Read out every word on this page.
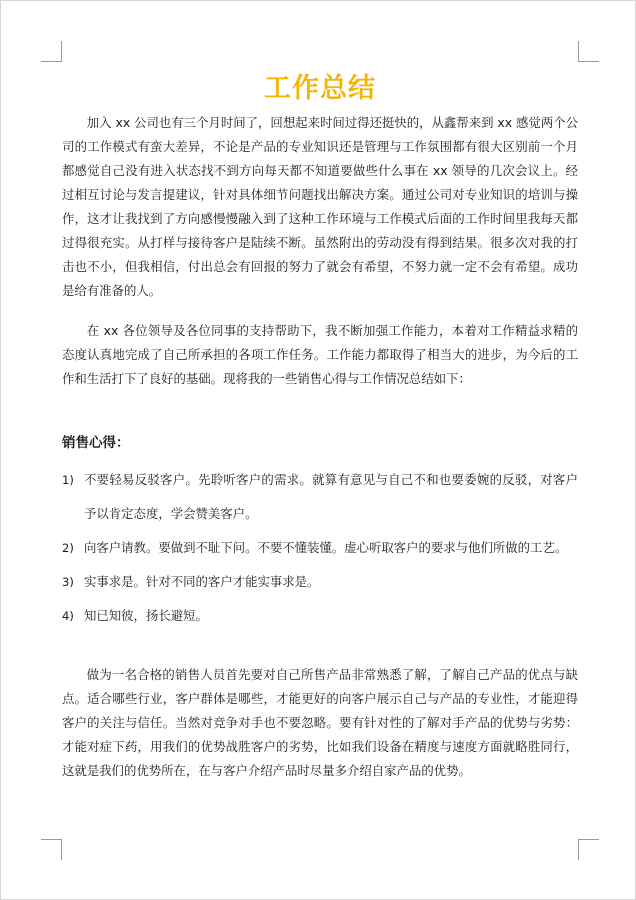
工作总结

加入 xx 公司也有三个月时间了，回想起来时间过得还挺快的，从鑫帮来到 xx 感觉两个公司的工作模式有蛮大差异，不论是产品的专业知识还是管理与工作氛围都有很大区别前一个月都感觉自己没有进入状态找不到方向每天都不知道要做些什么事在 xx 领导的几次会议上。经过相互讨论与发言提建议，针对具体细节问题找出解决方案。通过公司对专业知识的培训与操作，这才让我找到了方向感慢慢融入到了这种工作环境与工作模式后面的工作时间里我每天都过得很充实。从打样与接待客户是陆续不断。虽然附出的劳动没有得到结果。很多次对我的打击也不小，但我相信，付出总会有回报的努力了就会有希望，不努力就一定不会有希望。成功是给有准备的人。

在 xx 各位领导及各位同事的支持帮助下，我不断加强工作能力，本着对工作精益求精的态度认真地完成了自己所承担的各项工作任务。工作能力都取得了相当大的进步，为今后的工作和生活打下了良好的基础。现将我的一些销售心得与工作情况总结如下：

销售心得：
1) 不要轻易反驳客户。先聆听客户的需求。就算有意见与自己不和也要委婉的反驳，对客户予以肯定态度，学会赞美客户。
2) 向客户请教。要做到不耻下问。不要不懂装懂。虚心听取客户的要求与他们所做的工艺。
3) 实事求是。针对不同的客户才能实事求是。
4) 知已知彼，扬长避短。

做为一名合格的销售人员首先要对自己所售产品非常熟悉了解，了解自己产品的优点与缺点。适合哪些行业，客户群体是哪些，才能更好的向客户展示自己与产品的专业性，才能迎得客户的关注与信任。当然对竞争对手也不要忽略。要有针对性的了解对手产品的优势与劣势：才能对症下药，用我们的优势战胜客户的劣势，比如我们设备在精度与速度方面就略胜同行，这就是我们的优势所在，在与客户介绍产品时尽量多介绍自家产品的优势。
